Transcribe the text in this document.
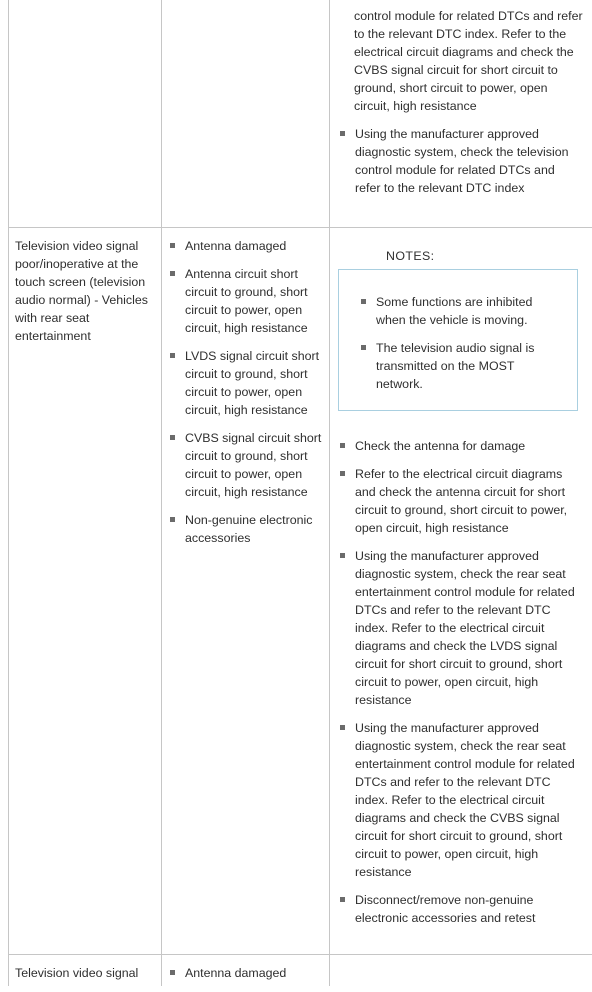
control module for related DTCs and refer to the relevant DTC index. Refer to the electrical circuit diagrams and check the CVBS signal circuit for short circuit to ground, short circuit to power, open circuit, high resistance

Using the manufacturer approved diagnostic system, check the television control module for related DTCs and refer to the relevant DTC index

Television video signal poor/inoperative at the touch screen (television audio normal) - Vehicles with rear seat entertainment

Antenna damaged
Antenna circuit short circuit to ground, short circuit to power, open circuit, high resistance
LVDS signal circuit short circuit to ground, short circuit to power, open circuit, high resistance
CVBS signal circuit short circuit to ground, short circuit to power, open circuit, high resistance
Non-genuine electronic accessories
NOTES:
Some functions are inhibited when the vehicle is moving.
The television audio signal is transmitted on the MOST network.
Check the antenna for damage
Refer to the electrical circuit diagrams and check the antenna circuit for short circuit to ground, short circuit to power, open circuit, high resistance
Using the manufacturer approved diagnostic system, check the rear seat entertainment control module for related DTCs and refer to the relevant DTC index. Refer to the electrical circuit diagrams and check the LVDS signal circuit for short circuit to ground, short circuit to power, open circuit, high resistance
Using the manufacturer approved diagnostic system, check the rear seat entertainment control module for related DTCs and refer to the relevant DTC index. Refer to the electrical circuit diagrams and check the CVBS signal circuit for short circuit to ground, short circuit to power, open circuit, high resistance
Disconnect/remove non-genuine electronic accessories and retest

Television video signal	Antenna damaged
